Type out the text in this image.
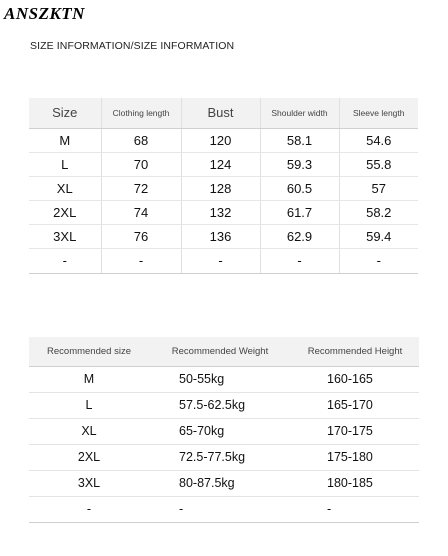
ANSZKTN
SIZE INFORMATION/SIZE INFORMATION
Size	Clothing length	Bust	Shoulder width	Sleeve length
M	68	120	58.1	54.6
L	70	124	59.3	55.8
XL	72	128	60.5	57
2XL	74	132	61.7	58.2
3XL	76	136	62.9	59.4
-	-	-	-	-
Recommended size	Recommended Weight	Recommended Height
M	50-55kg	160-165
L	57.5-62.5kg	165-170
XL	65-70kg	170-175
2XL	72.5-77.5kg	175-180
3XL	80-87.5kg	180-185
-	-	-
